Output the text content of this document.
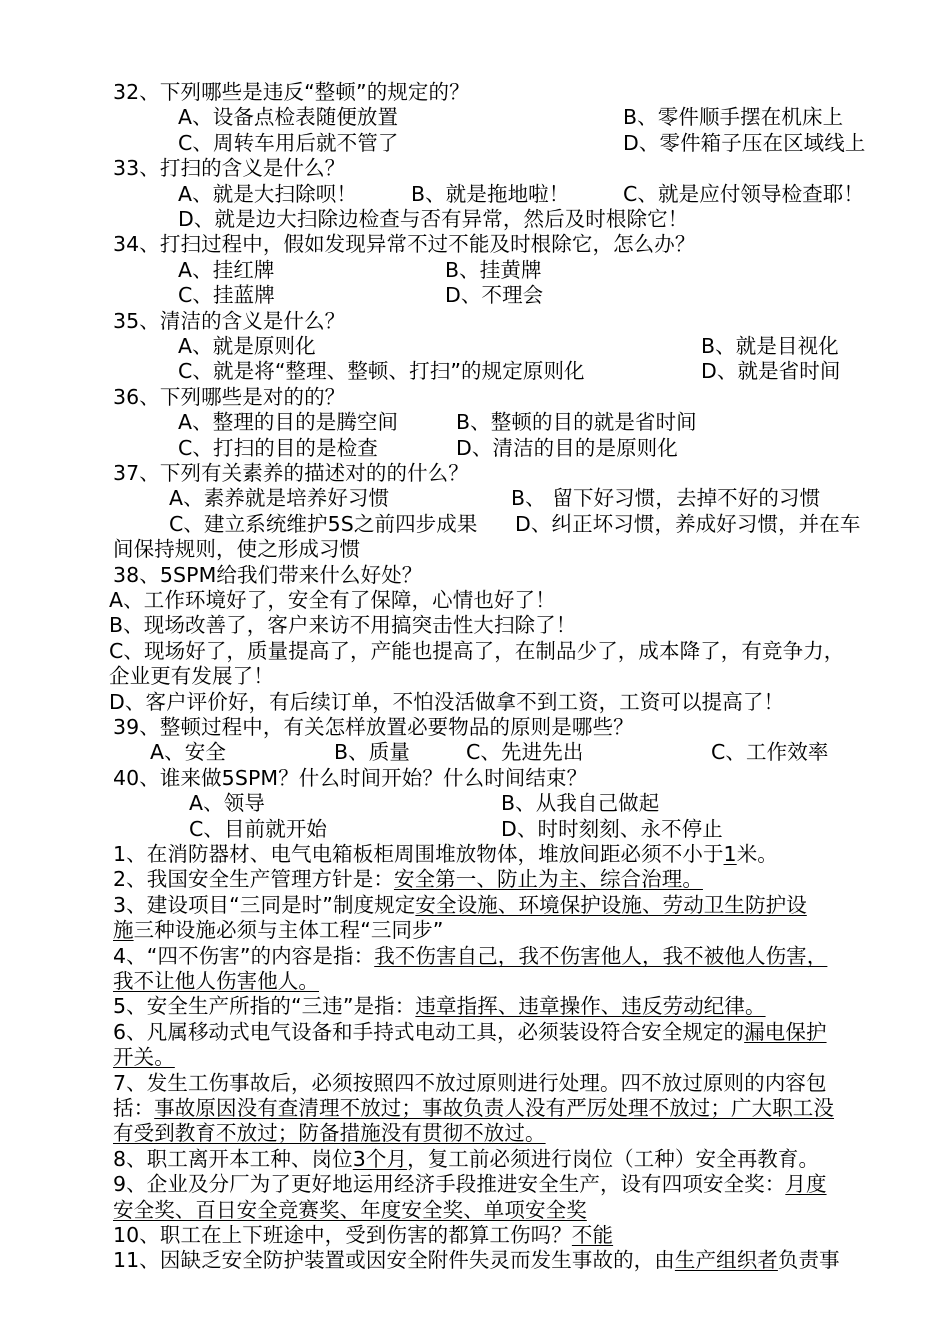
32、下列哪些是违反“整顿”的规定的？
A、设备点检表随便放置	B、零件顺手摆在机床上
C、周转车用后就不管了	D、零件箱子压在区域线上
33、打扫的含义是什么？
A、就是大扫除呗！	B、就是拖地啦！	C、就是应付领导检查耶！
D、就是边大扫除边检查与否有异常，然后及时根除它！
34、打扫过程中，假如发现异常不过不能及时根除它，怎么办？
A、挂红牌	B、挂黄牌
C、挂蓝牌	D、不理会
35、清洁的含义是什么？
A、就是原则化	B、就是目视化
C、就是将“整理、整顿、打扫”的规定原则化	D、就是省时间
36、下列哪些是对的的？
A、整理的目的是腾空间	B、整顿的目的就是省时间
C、打扫的目的是检查	D、清洁的目的是原则化
37、下列有关素养的描述对的的什么？
A、素养就是培养好习惯	B、 留下好习惯，去掉不好的习惯
C、建立系统维护5S之前四步成果 D、纠正坏习惯，养成好习惯，并在车
间保持规则，使之形成习惯
38、5SPM给我们带来什么好处？
A、工作环境好了，安全有了保障，心情也好了！
B、现场改善了，客户来访不用搞突击性大扫除了！
C、现场好了，质量提高了，产能也提高了，在制品少了，成本降了，有竞争力，
企业更有发展了！
D、客户评价好，有后续订单，不怕没活做拿不到工资，工资可以提高了！
39、整顿过程中，有关怎样放置必要物品的原则是哪些？
A、安全	B、质量	C、先进先出	C、工作效率
40、谁来做5SPM？什么时间开始？什么时间结束？
A、领导	B、从我自己做起
C、目前就开始	D、时时刻刻、永不停止
1、在消防器材、电气电箱板柜周围堆放物体，堆放间距必须不小于1米。
2、我国安全生产管理方针是：安全第一、防止为主、综合治理。
3、建设项目“三同是时”制度规定安全设施、环境保护设施、劳动卫生防护设
施三种设施必须与主体工程“三同步”
4、“四不伤害”的内容是指：我不伤害自己，我不伤害他人，我不被他人伤害，
我不让他人伤害他人。
5、安全生产所指的“三违”是指：违章指挥、违章操作、违反劳动纪律。
6、凡属移动式电气设备和手持式电动工具，必须装设符合安全规定的漏电保护
开关。
7、发生工伤事故后，必须按照四不放过原则进行处理。四不放过原则的内容包
括：事故原因没有查清理不放过；事故负责人没有严厉处理不放过；广大职工没
有受到教育不放过；防备措施没有贯彻不放过。
8、职工离开本工种、岗位3个月，复工前必须进行岗位（工种）安全再教育。
9、企业及分厂为了更好地运用经济手段推进安全生产，设有四项安全奖：月度
安全奖、百日安全竞赛奖、年度安全奖、单项安全奖
10、职工在上下班途中，受到伤害的都算工伤吗？不能
11、因缺乏安全防护装置或因安全附件失灵而发生事故的，由生产组织者负责事
